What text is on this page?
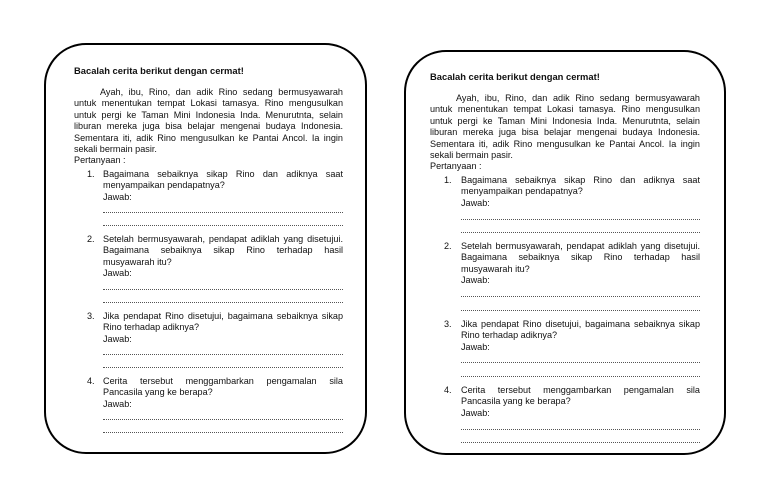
Bacalah cerita berikut dengan cermat!

Ayah, ibu, Rino, dan adik Rino sedang bermusyawarah untuk menentukan tempat Lokasi tamasya. Rino mengusulkan untuk pergi ke Taman Mini Indonesia Inda. Menurutnta, selain liburan mereka juga bisa belajar mengenai budaya Indonesia. Sementara iti, adik Rino mengusulkan ke Pantai Ancol. Ia ingin sekali bermain pasir.

Pertanyaan :

1. Bagaimana sebaiknya sikap Rino dan adiknya saat menyampaikan pendapatnya?

Jawab:

2. Setelah bermusyawarah, pendapat adiklah yang disetujui. Bagaimana sebaiknya sikap Rino terhadap hasil musyawarah itu?

Jawab:

3. Jika pendapat Rino disetujui, bagaimana sebaiknya sikap Rino terhadap adiknya?

Jawab:

4. Cerita tersebut menggambarkan pengamalan sila Pancasila yang ke berapa?

Jawab:

Bacalah cerita berikut dengan cermat!

Ayah, ibu, Rino, dan adik Rino sedang bermusyawarah untuk menentukan tempat Lokasi tamasya. Rino mengusulkan untuk pergi ke Taman Mini Indonesia Inda. Menurutnta, selain liburan mereka juga bisa belajar mengenai budaya Indonesia. Sementara iti, adik Rino mengusulkan ke Pantai Ancol. Ia ingin sekali bermain pasir.

Pertanyaan :

1. Bagaimana sebaiknya sikap Rino dan adiknya saat menyampaikan pendapatnya?

Jawab:

2. Setelah bermusyawarah, pendapat adiklah yang disetujui. Bagaimana sebaiknya sikap Rino terhadap hasil musyawarah itu?

Jawab:

3. Jika pendapat Rino disetujui, bagaimana sebaiknya sikap Rino terhadap adiknya?

Jawab:

4. Cerita tersebut menggambarkan pengamalan sila Pancasila yang ke berapa?

Jawab:
